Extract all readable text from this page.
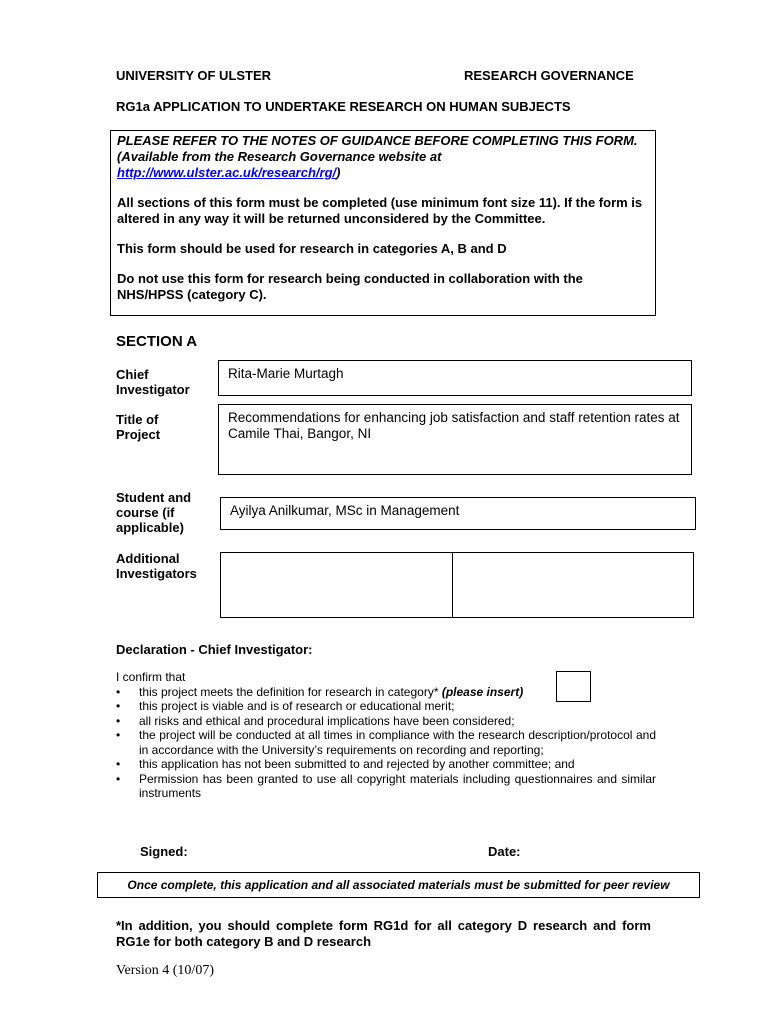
UNIVERSITY OF ULSTER	RESEARCH GOVERNANCE
RG1a APPLICATION TO UNDERTAKE RESEARCH ON HUMAN SUBJECTS

PLEASE REFER TO THE NOTES OF GUIDANCE BEFORE COMPLETING THIS FORM. (Available from the Research Governance website at http://www.ulster.ac.uk/research/rg/)

All sections of this form must be completed (use minimum font size 11). If the form is altered in any way it will be returned unconsidered by the Committee.

This form should be used for research in categories A, B and D

Do not use this form for research being conducted in collaboration with the NHS/HPSS (category C).

SECTION A
Chief
Investigator
Rita-Marie Murtagh
Title of
Project
Recommendations for enhancing job satisfaction and staff retention rates at Camile Thai, Bangor, NI
Student and
course (if
applicable)
Ayilya Anilkumar, MSc in Management
Additional
Investigators
Declaration - Chief Investigator:
I confirm that
• this project meets the definition for research in category* (please insert)
• this project is viable and is of research or educational merit;
• all risks and ethical and procedural implications have been considered;
• the project will be conducted at all times in compliance with the research description/protocol and in accordance with the University’s requirements on recording and reporting;
• this application has not been submitted to and rejected by another committee; and
• Permission has been granted to use all copyright materials including questionnaires and similar instruments
Signed:	Date:
Once complete, this application and all associated materials must be submitted for peer review
*In addition, you should complete form RG1d for all category D research and form RG1e for both category B and D research
Version 4 (10/07)
